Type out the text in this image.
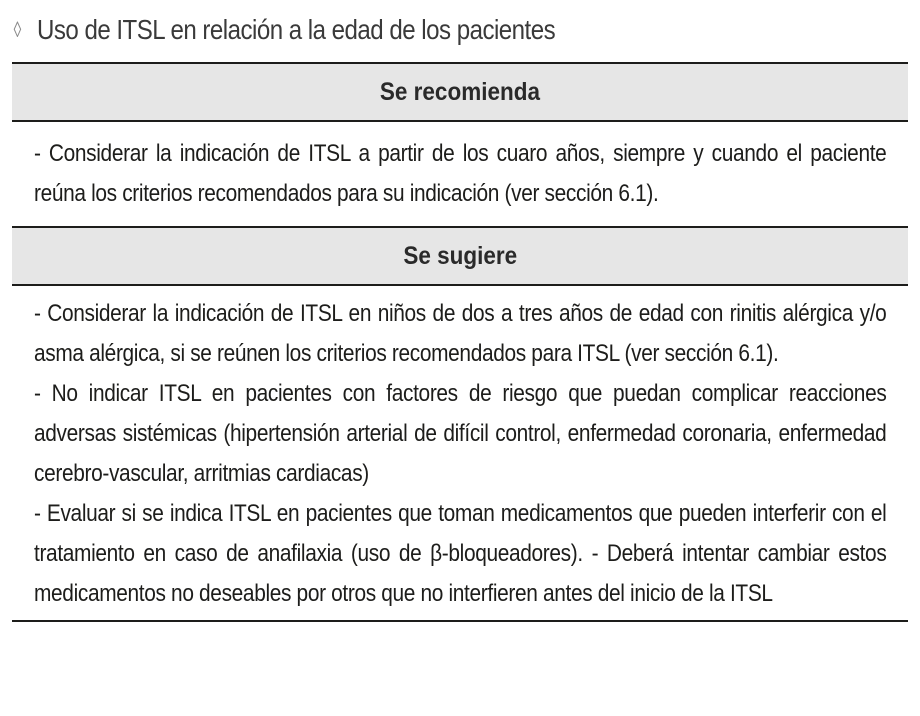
◊ Uso de ITSL en relación a la edad de los pacientes
Se recomienda

- Considerar la indicación de ITSL a partir de los cuaro años, siempre y cuando el paciente reúna los criterios recomendados para su indicación (ver sección 6.1).

Se sugiere

- Considerar la indicación de ITSL en niños de dos a tres años de edad con rinitis alérgica y/o asma alérgica, si se reúnen los criterios recomendados para ITSL (ver sección 6.1).

- No indicar ITSL en pacientes con factores de riesgo que puedan complicar reacciones adversas sistémicas (hipertensión arterial de difícil control, enfermedad coronaria, enfermedad cerebro-vascular, arritmias cardiacas)

- Evaluar si se indica ITSL en pacientes que toman medicamentos que pueden interferir con el tratamiento en caso de anafilaxia (uso de β-bloqueadores). - Deberá intentar cambiar estos medicamentos no deseables por otros que no interfieren antes del inicio de la ITSL
